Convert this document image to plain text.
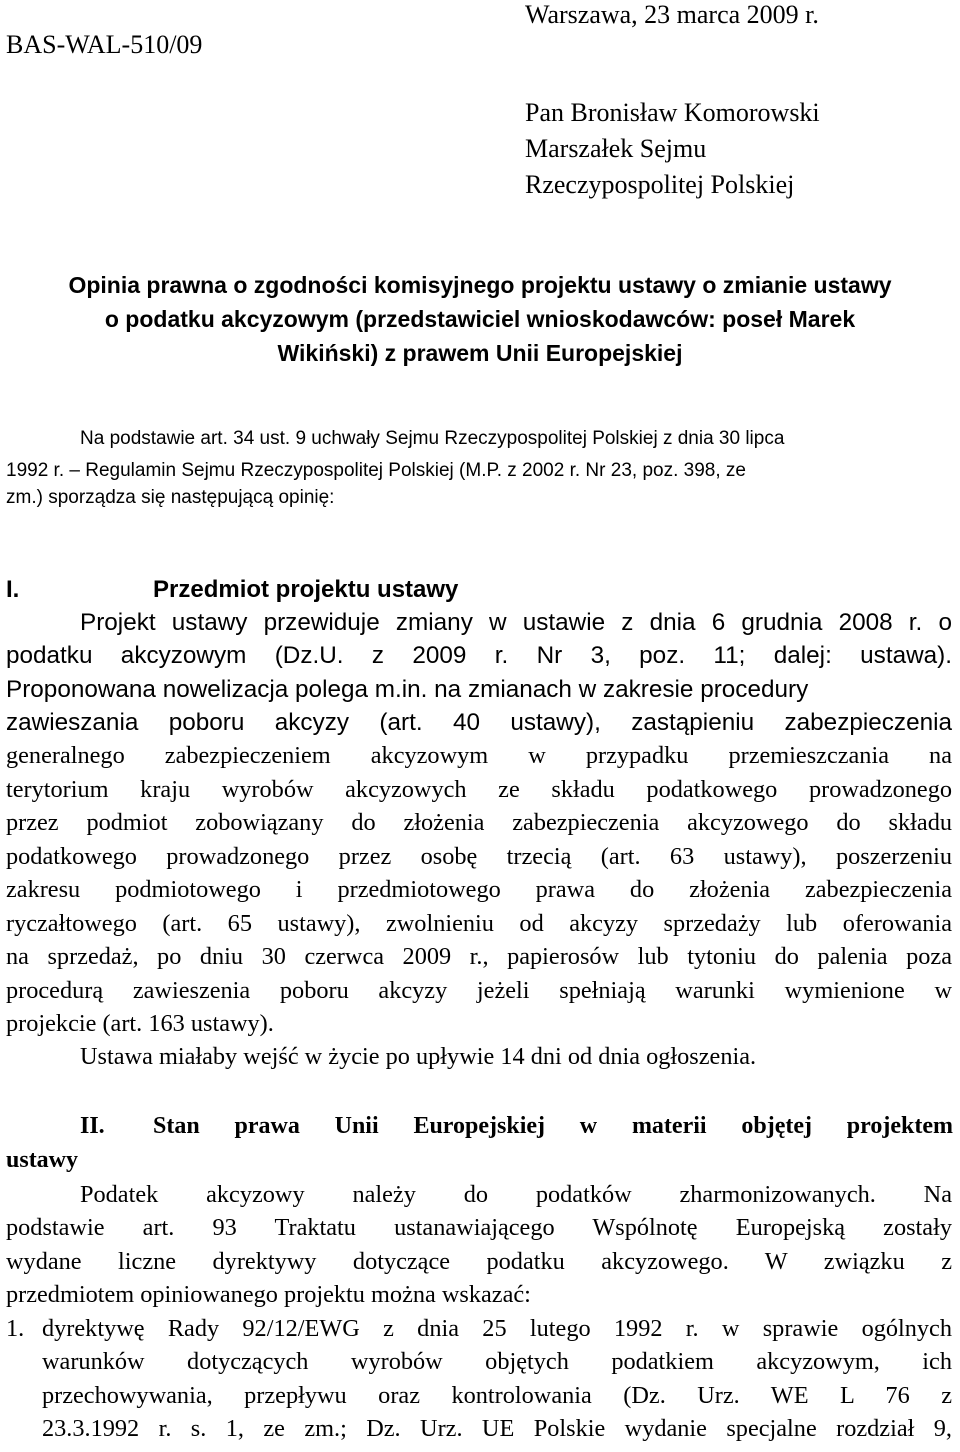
BAS-WAL-510/09
Warszawa, 23 marca 2009 r.
Pan Bronisław Komorowski
Marszałek Sejmu
Rzeczypospolitej Polskiej
Opinia prawna o zgodności komisyjnego projektu ustawy o zmianie ustawy
o podatku akcyzowym (przedstawiciel wnioskodawców: poseł Marek
Wikiński) z prawem Unii Europejskiej
Na podstawie art. 34 ust. 9 uchwały Sejmu Rzeczypospolitej Polskiej z dnia 30 lipca
1992 r. – Regulamin Sejmu Rzeczypospolitej Polskiej (M.P. z 2002 r. Nr 23, poz. 398, ze
zm.) sporządza się następującą opinię:
I.	Przedmiot projektu ustawy
Projekt ustawy przewiduje zmiany w ustawie z dnia 6 grudnia 2008 r. o
podatku akcyzowym (Dz.U. z 2009 r. Nr 3, poz. 11; dalej: ustawa).
Proponowana nowelizacja polega m.in. na zmianach w zakresie procedury
zawieszania poboru akcyzy (art. 40 ustawy), zastąpieniu zabezpieczenia
generalnego zabezpieczeniem akcyzowym w przypadku przemieszczania na
terytorium kraju wyrobów akcyzowych ze składu podatkowego prowadzonego
przez podmiot zobowiązany do złożenia zabezpieczenia akcyzowego do składu
podatkowego prowadzonego przez osobę trzecią (art. 63 ustawy), poszerzeniu
zakresu podmiotowego i przedmiotowego prawa do złożenia zabezpieczenia
ryczałtowego (art. 65 ustawy), zwolnieniu od akcyzy sprzedaży lub oferowania
na sprzedaż, po dniu 30 czerwca 2009 r., papierosów lub tytoniu do palenia poza
procedurą zawieszenia poboru akcyzy jeżeli spełniają warunki wymienione w
projekcie (art. 163 ustawy).
Ustawa miałaby wejść w życie po upływie 14 dni od dnia ogłoszenia.
II. Stan prawa Unii Europejskiej w materii objętej projektem
ustawy
Podatek akcyzowy należy do podatków zharmonizowanych. Na
podstawie art. 93 Traktatu ustanawiającego Wspólnotę Europejską zostały
wydane liczne dyrektywy dotyczące podatku akcyzowego. W związku z
przedmiotem opiniowanego projektu można wskazać:
1. dyrektywę Rady 92/12/EWG z dnia 25 lutego 1992 r. w sprawie ogólnych
warunków dotyczących wyrobów objętych podatkiem akcyzowym, ich
przechowywania, przepływu oraz kontrolowania (Dz. Urz. WE L 76 z
23.3.1992 r. s. 1, ze zm.; Dz. Urz. UE Polskie wydanie specjalne rozdział 9,
